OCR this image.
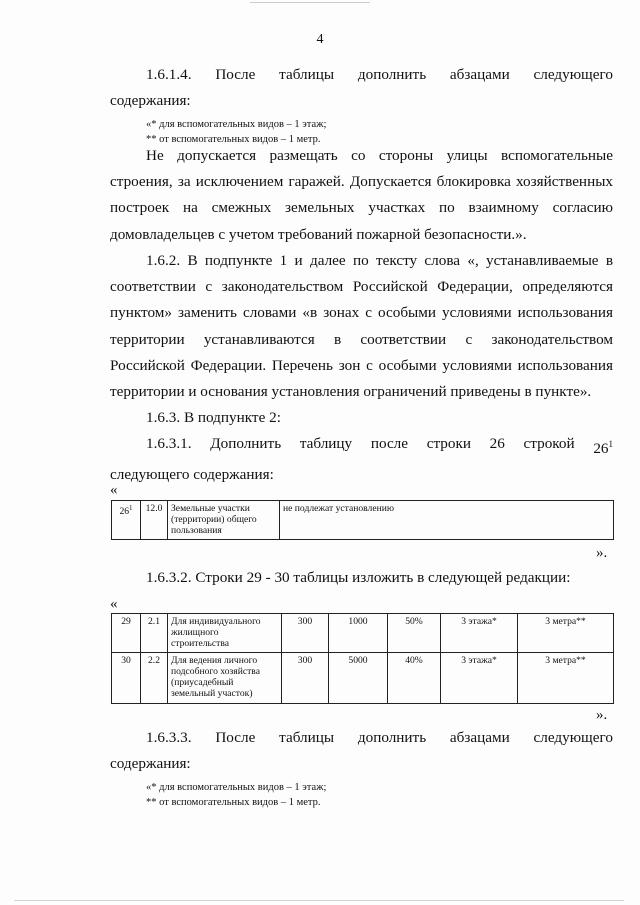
4
1.6.1.4. После таблицы дополнить абзацами следующего
содержания:
«* для вспомогательных видов – 1 этаж;
** от вспомогательных видов – 1 метр.
Не допускается размещать со стороны улицы вспомогательные строения, за исключением гаражей. Допускается блокировка хозяйственных построек на смежных земельных участках по взаимному согласию домовладельцев с учетом требований пожарной безопасности.».
1.6.2. В подпункте 1 и далее по тексту слова «, устанавливаемые в соответствии с законодательством Российской Федерации, определяются пунктом» заменить словами «в зонах с особыми условиями использования территории устанавливаются в соответствии с законодательством Российской Федерации. Перечень зон с особыми условиями использования территории и основания установления ограничений приведены в пункте».
1.6.3. В подпункте 2:
1.6.3.1. Дополнить таблицу после строки 26 строкой $26^1$
следующего содержания:
«
$26^1$	12.0	Земельные участки (территории) общего пользования	не подлежат установлению
».
1.6.3.2. Строки 29 - 30 таблицы изложить в следующей редакции:
«
29	2.1	Для индивидуального жилищного строительства	300	1000	50%	3 этажа*	3 метра**
30	2.2	Для ведения личного подсобного хозяйства (приусадебный земельный участок)	300	5000	40%	3 этажа*	3 метра**
».
1.6.3.3. После таблицы дополнить абзацами следующего
содержания:
«* для вспомогательных видов – 1 этаж;
** от вспомогательных видов – 1 метр.
